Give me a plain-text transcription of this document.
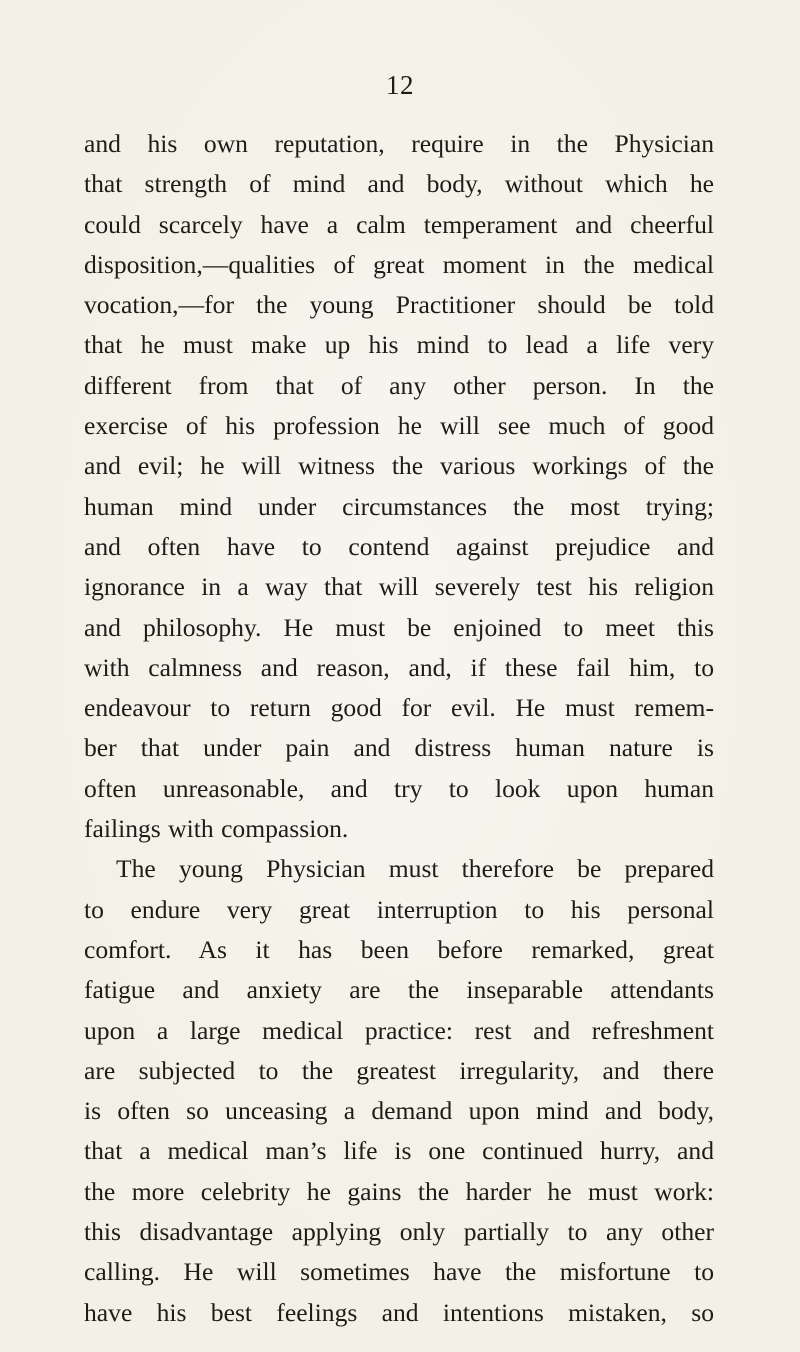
12
and his own reputation, require in the Physician
that strength of mind and body, without which he
could scarcely have a calm temperament and cheerful
disposition,—qualities of great moment in the medical
vocation,—for the young Practitioner should be told
that he must make up his mind to lead a life very
different from that of any other person. In the
exercise of his profession he will see much of good
and evil; he will witness the various workings of the
human mind under circumstances the most trying;
and often have to contend against prejudice and
ignorance in a way that will severely test his religion
and philosophy. He must be enjoined to meet this
with calmness and reason, and, if these fail him, to
endeavour to return good for evil. He must remem-
ber that under pain and distress human nature is
often unreasonable, and try to look upon human
failings with compassion.
The young Physician must therefore be prepared
to endure very great interruption to his personal
comfort. As it has been before remarked, great
fatigue and anxiety are the inseparable attendants
upon a large medical practice: rest and refreshment
are subjected to the greatest irregularity, and there
is often so unceasing a demand upon mind and body,
that a medical man’s life is one continued hurry, and
the more celebrity he gains the harder he must work:
this disadvantage applying only partially to any other
calling. He will sometimes have the misfortune to
have his best feelings and intentions mistaken, so
